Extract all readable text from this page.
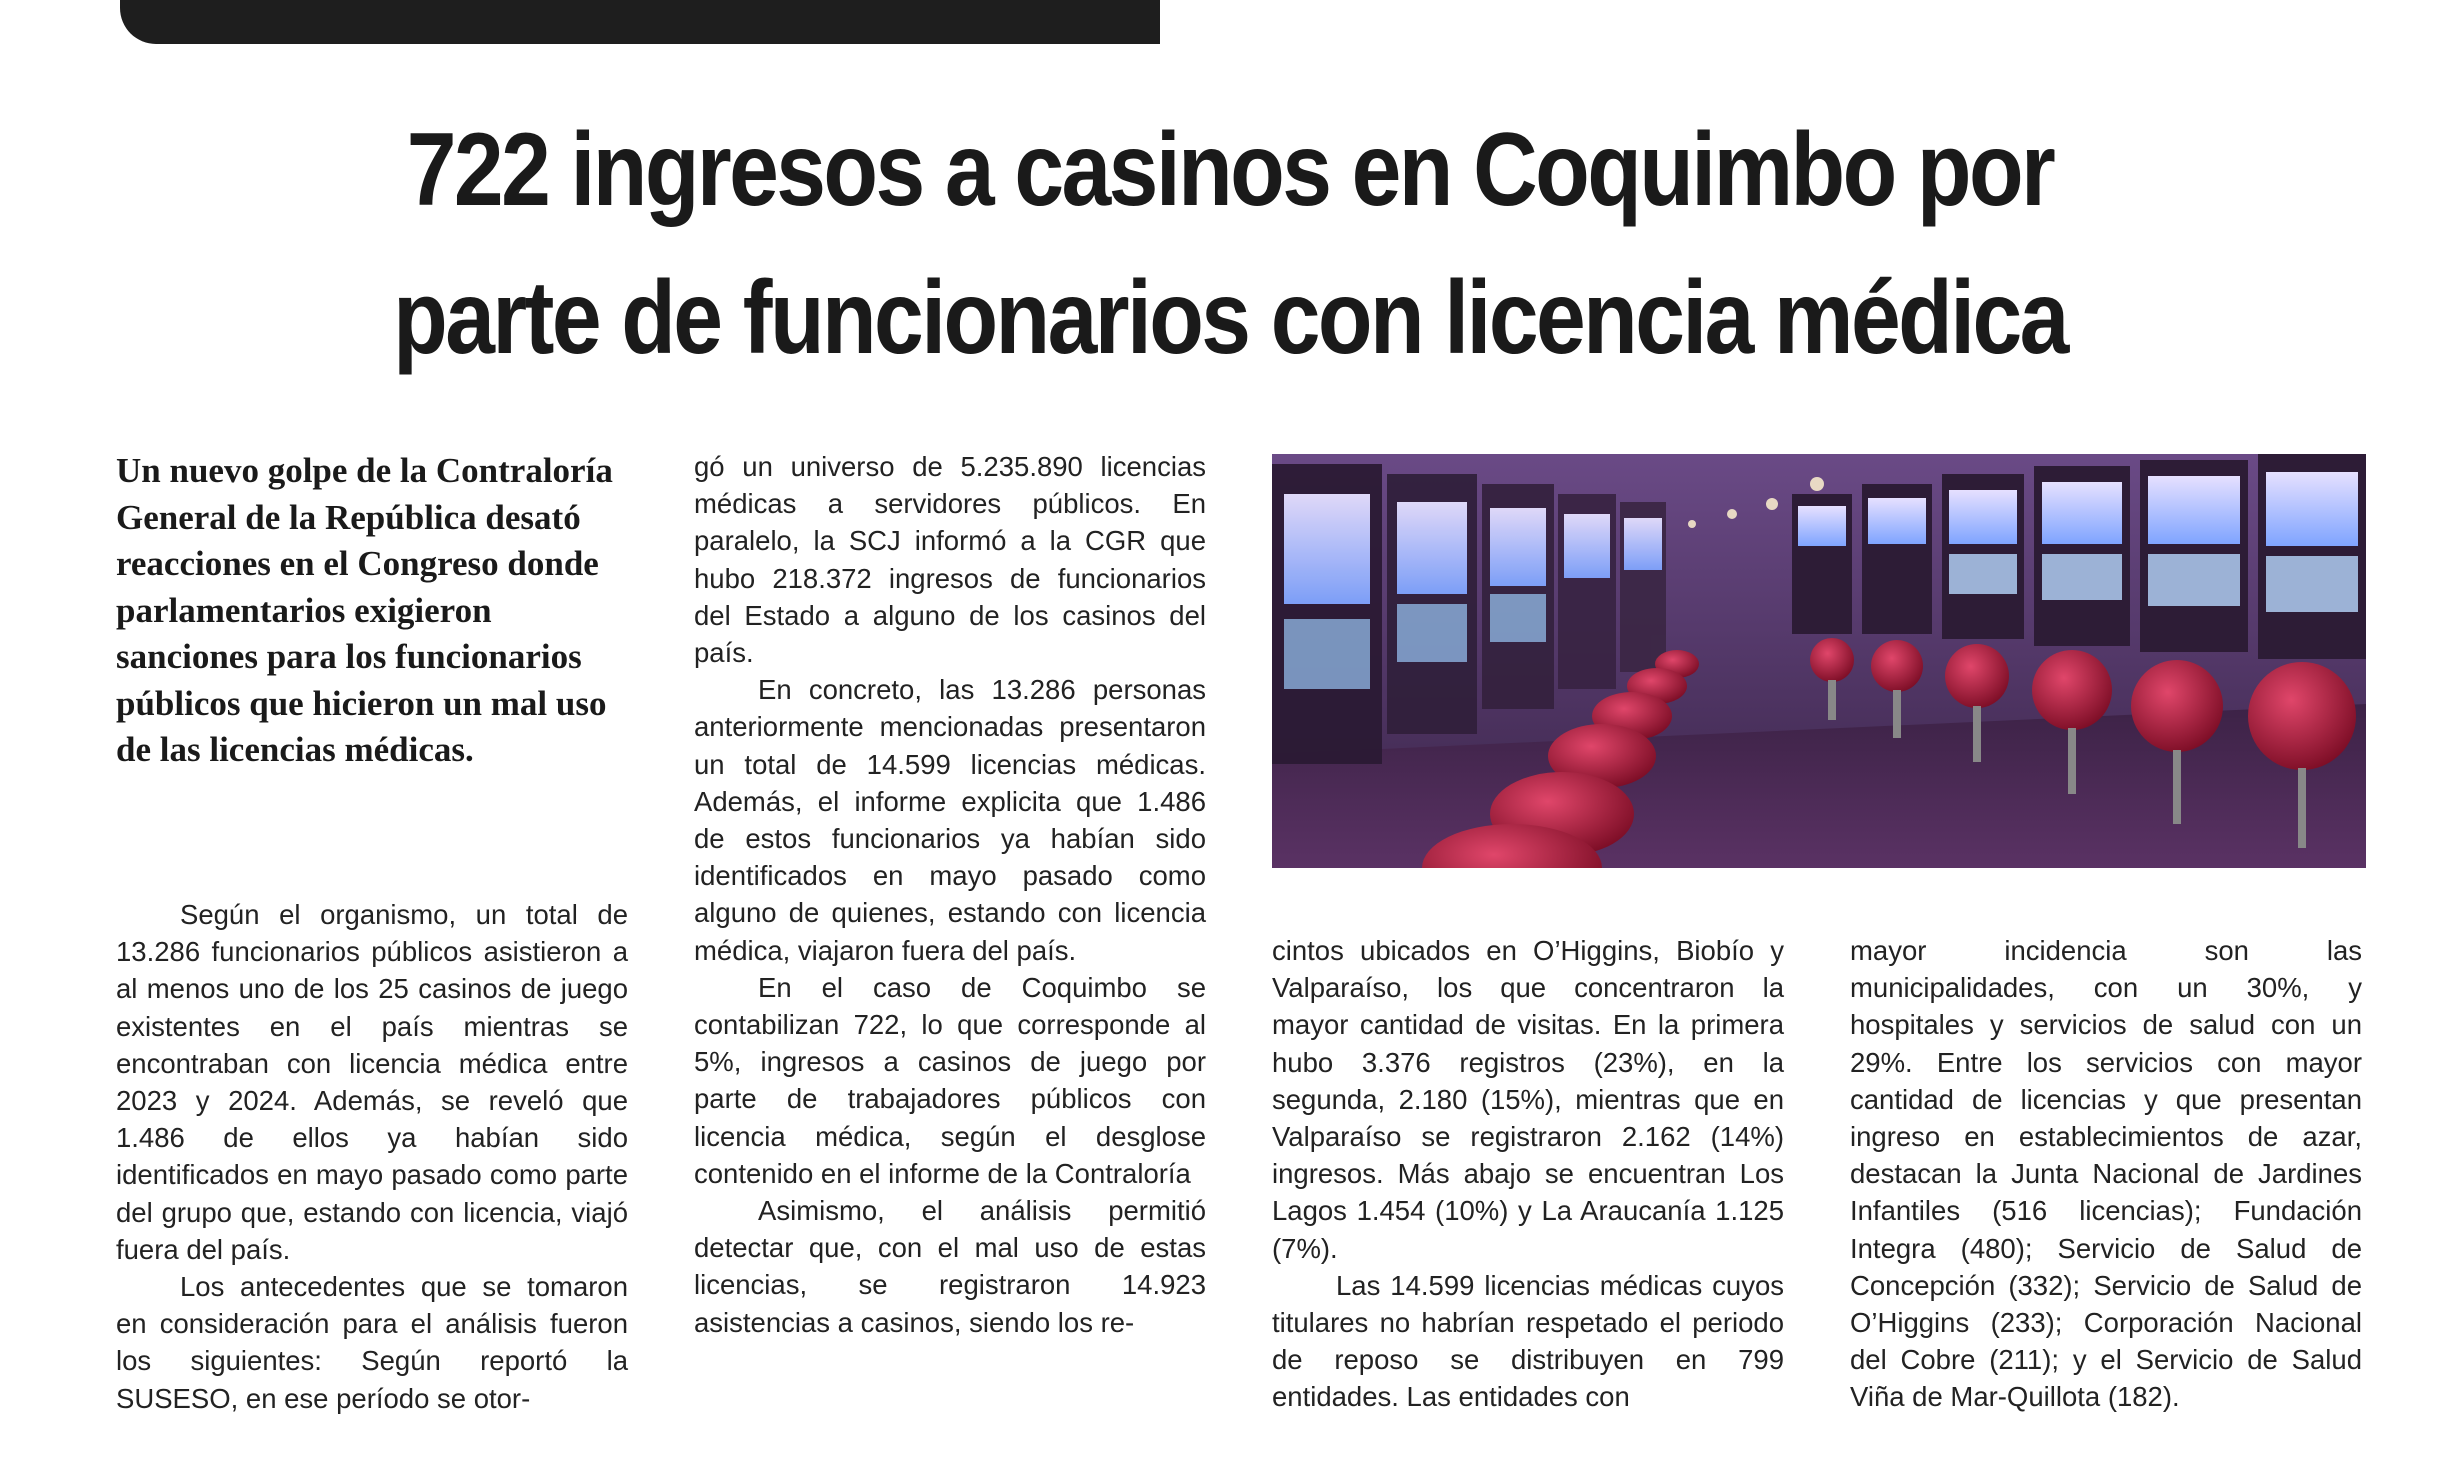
722 ingresos a casinos en Coquimbo por
parte de funcionarios con licencia médica

Un nuevo golpe de la Contraloría General de la República desató reacciones en el Congreso donde parlamentarios exigieron sanciones para los funcionarios públicos que hicieron un mal uso de las licencias médicas.

Según el organismo, un total de 13.286 funcionarios públicos asistieron a al menos uno de los 25 casinos de juego existentes en el país mientras se encontraban con licencia médica entre 2023 y 2024. Además, se reveló que 1.486 de ellos ya habían sido identificados en mayo pasado como parte del grupo que, estando con licencia, viajó fuera del país.

Los antecedentes que se tomaron en consideración para el análisis fueron los siguientes: Según reportó la SUSESO, en ese período se otor-

gó un universo de 5.235.890 licencias médicas a servidores públicos. En paralelo, la SCJ informó a la CGR que hubo 218.372 ingresos de funcionarios del Estado a alguno de los casinos del país.

En concreto, las 13.286 personas anteriormente mencionadas presentaron un total de 14.599 licencias médicas. Además, el informe explicita que 1.486 de estos funcionarios ya habían sido identificados en mayo pasado como alguno de quienes, estando con licencia médica, viajaron fuera del país.

En el caso de Coquimbo se contabilizan 722, lo que corresponde al 5%, ingresos a casinos de juego por parte de trabajadores públicos con licencia médica, según el desglose contenido en el informe de la Contraloría

Asimismo, el análisis permitió detectar que, con el mal uso de estas licencias, se registraron 14.923 asistencias a casinos, siendo los re-

cintos ubicados en O’Higgins, Biobío y Valparaíso, los que concentraron la mayor cantidad de visitas. En la primera hubo 3.376 registros (23%), en la segunda, 2.180 (15%), mientras que en Valparaíso se registraron 2.162 (14%) ingresos. Más abajo se encuentran Los Lagos 1.454 (10%) y La Araucanía 1.125 (7%).

Las 14.599 licencias médicas cuyos titulares no habrían respetado el periodo de reposo se distribuyen en 799 entidades. Las entidades con

mayor incidencia son las municipalidades, con un 30%, y hospitales y servicios de salud con un 29%. Entre los servicios con mayor cantidad de licencias y que presentan ingreso en establecimientos de azar, destacan la Junta Nacional de Jardines Infantiles (516 licencias); Fundación Integra (480); Servicio de Salud de Concepción (332); Servicio de Salud de O’Higgins (233); Corporación Nacional del Cobre (211); y el Servicio de Salud Viña de Mar-Quillota (182).
